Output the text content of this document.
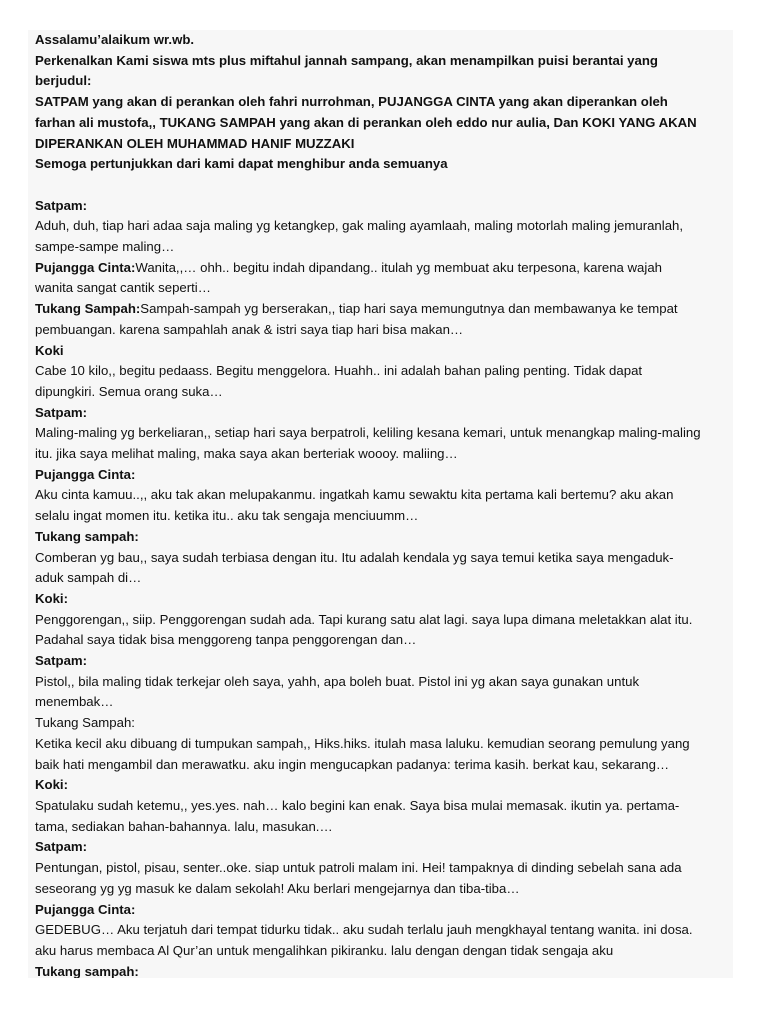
Assalamu’alaikum wr.wb.

Perkenalkan Kami siswa mts plus miftahul jannah sampang, akan menampilkan puisi berantai yang

berjudul:

SATPAM yang akan di perankan oleh fahri nurrohman, PUJANGGA CINTA yang akan diperankan oleh

farhan ali mustofa,, TUKANG SAMPAH yang akan di perankan oleh eddo nur aulia, Dan KOKI YANG AKAN

DIPERANKAN OLEH MUHAMMAD HANIF MUZZAKI

Semoga pertunjukkan dari kami dapat menghibur anda semuanya

Satpam:

Aduh, duh, tiap hari adaa saja maling yg ketangkep, gak maling ayamlaah, maling motorlah maling jemuranlah,

sampe-sampe maling…

Pujangga Cinta:Wanita,,… ohh.. begitu indah dipandang.. itulah yg membuat aku terpesona, karena wajah

wanita sangat cantik seperti…

Tukang Sampah:Sampah-sampah yg berserakan,, tiap hari saya memungutnya dan membawanya ke tempat

pembuangan. karena sampahlah anak & istri saya tiap hari bisa makan…

Koki

Cabe 10 kilo,, begitu pedaass. Begitu menggelora. Huahh.. ini adalah bahan paling penting. Tidak dapat

dipungkiri. Semua orang suka…

Satpam:

Maling-maling yg berkeliaran,, setiap hari saya berpatroli, keliling kesana kemari, untuk menangkap maling-maling

itu. jika saya melihat maling, maka saya akan berteriak woooy. maliing…

Pujangga Cinta:

Aku cinta kamuu..,, aku tak akan melupakanmu. ingatkah kamu sewaktu kita pertama kali bertemu? aku akan

selalu ingat momen itu. ketika itu.. aku tak sengaja menciuumm…

Tukang sampah:

Comberan yg bau,, saya sudah terbiasa dengan itu. Itu adalah kendala yg saya temui ketika saya mengaduk-

aduk sampah di…

Koki:

Penggorengan,, siip. Penggorengan sudah ada. Tapi kurang satu alat lagi. saya lupa dimana meletakkan alat itu.

Padahal saya tidak bisa menggoreng tanpa penggorengan dan…

Satpam:

Pistol,, bila maling tidak terkejar oleh saya, yahh, apa boleh buat. Pistol ini yg akan saya gunakan untuk

menembak…

Tukang Sampah:

Ketika kecil aku dibuang di tumpukan sampah,, Hiks.hiks. itulah masa laluku. kemudian seorang pemulung yang

baik hati mengambil dan merawatku. aku ingin mengucapkan padanya: terima kasih. berkat kau, sekarang…

Koki:

Spatulaku sudah ketemu,, yes.yes. nah… kalo begini kan enak. Saya bisa mulai memasak. ikutin ya. pertama-

tama, sediakan bahan-bahannya. lalu, masukan.…

Satpam:

Pentungan, pistol, pisau, senter..oke. siap untuk patroli malam ini. Hei! tampaknya di dinding sebelah sana ada

seseorang yg yg masuk ke dalam sekolah! Aku berlari mengejarnya dan tiba-tiba…

Pujangga Cinta:

GEDEBUG… Aku terjatuh dari tempat tidurku tidak.. aku sudah terlalu jauh mengkhayal tentang wanita. ini dosa.

aku harus membaca Al Qur’an untuk mengalihkan pikiranku. lalu dengan dengan tidak sengaja aku

Tukang sampah:
